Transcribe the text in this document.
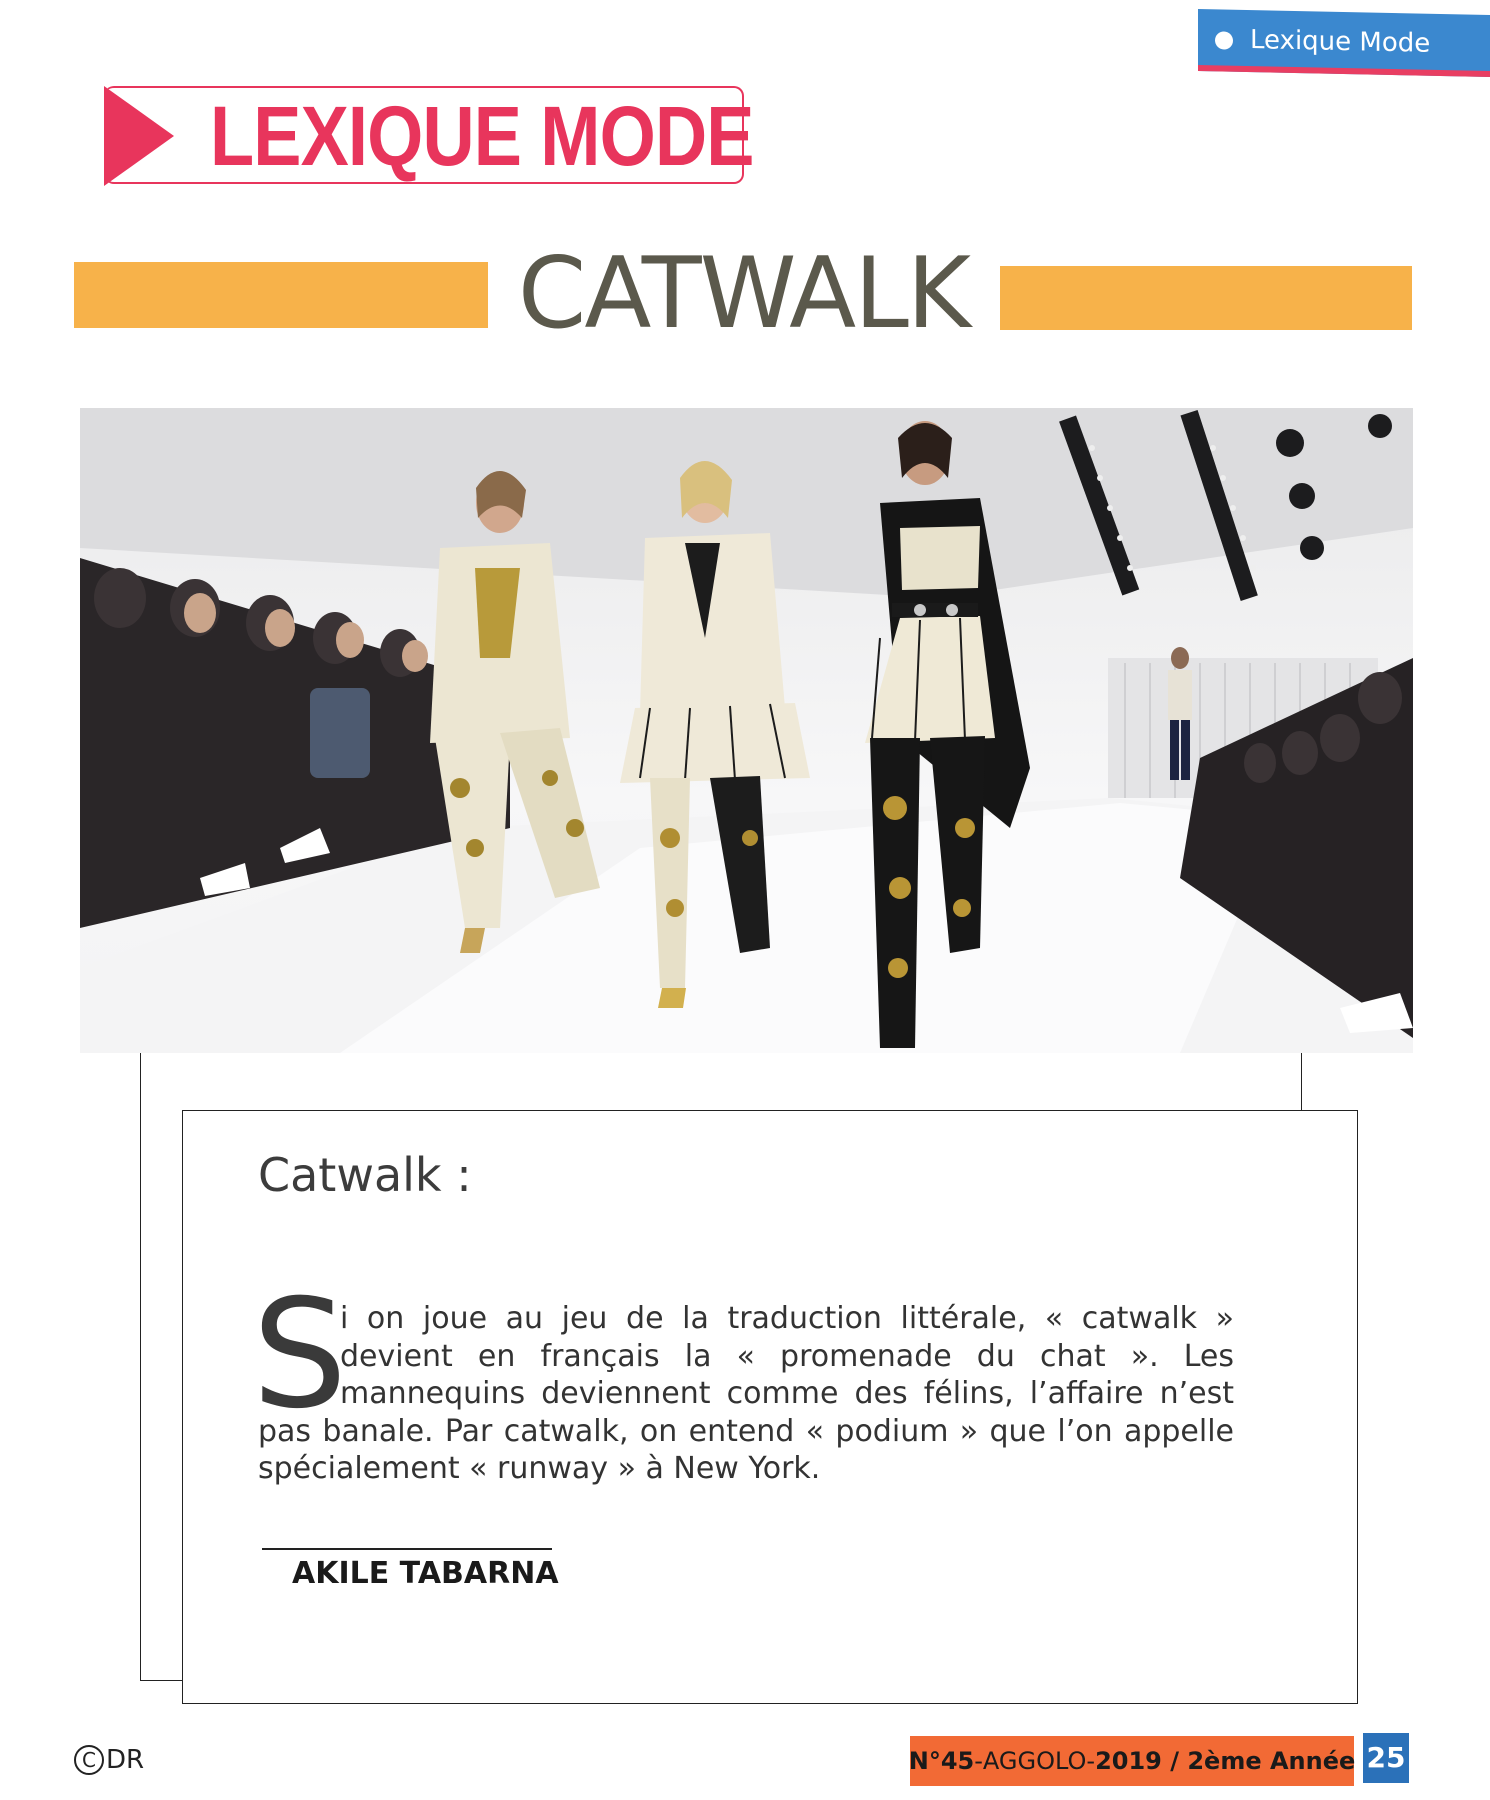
Lexique Mode
LEXIQUE MODE
CATWALK
Catwalk :
S
i on joue au jeu de la traduction littérale, « catwalk » devient en français la « promenade du chat ». Les mannequins deviennent comme des félins, l’affaire n’est pas banale. Par catwalk, on entend « podium » que l’on appelle spécialement « runway » à New York.
AKILE TABARNA
C DR	N°45 - AGGOLO - 2019 / 2ème Année 25
